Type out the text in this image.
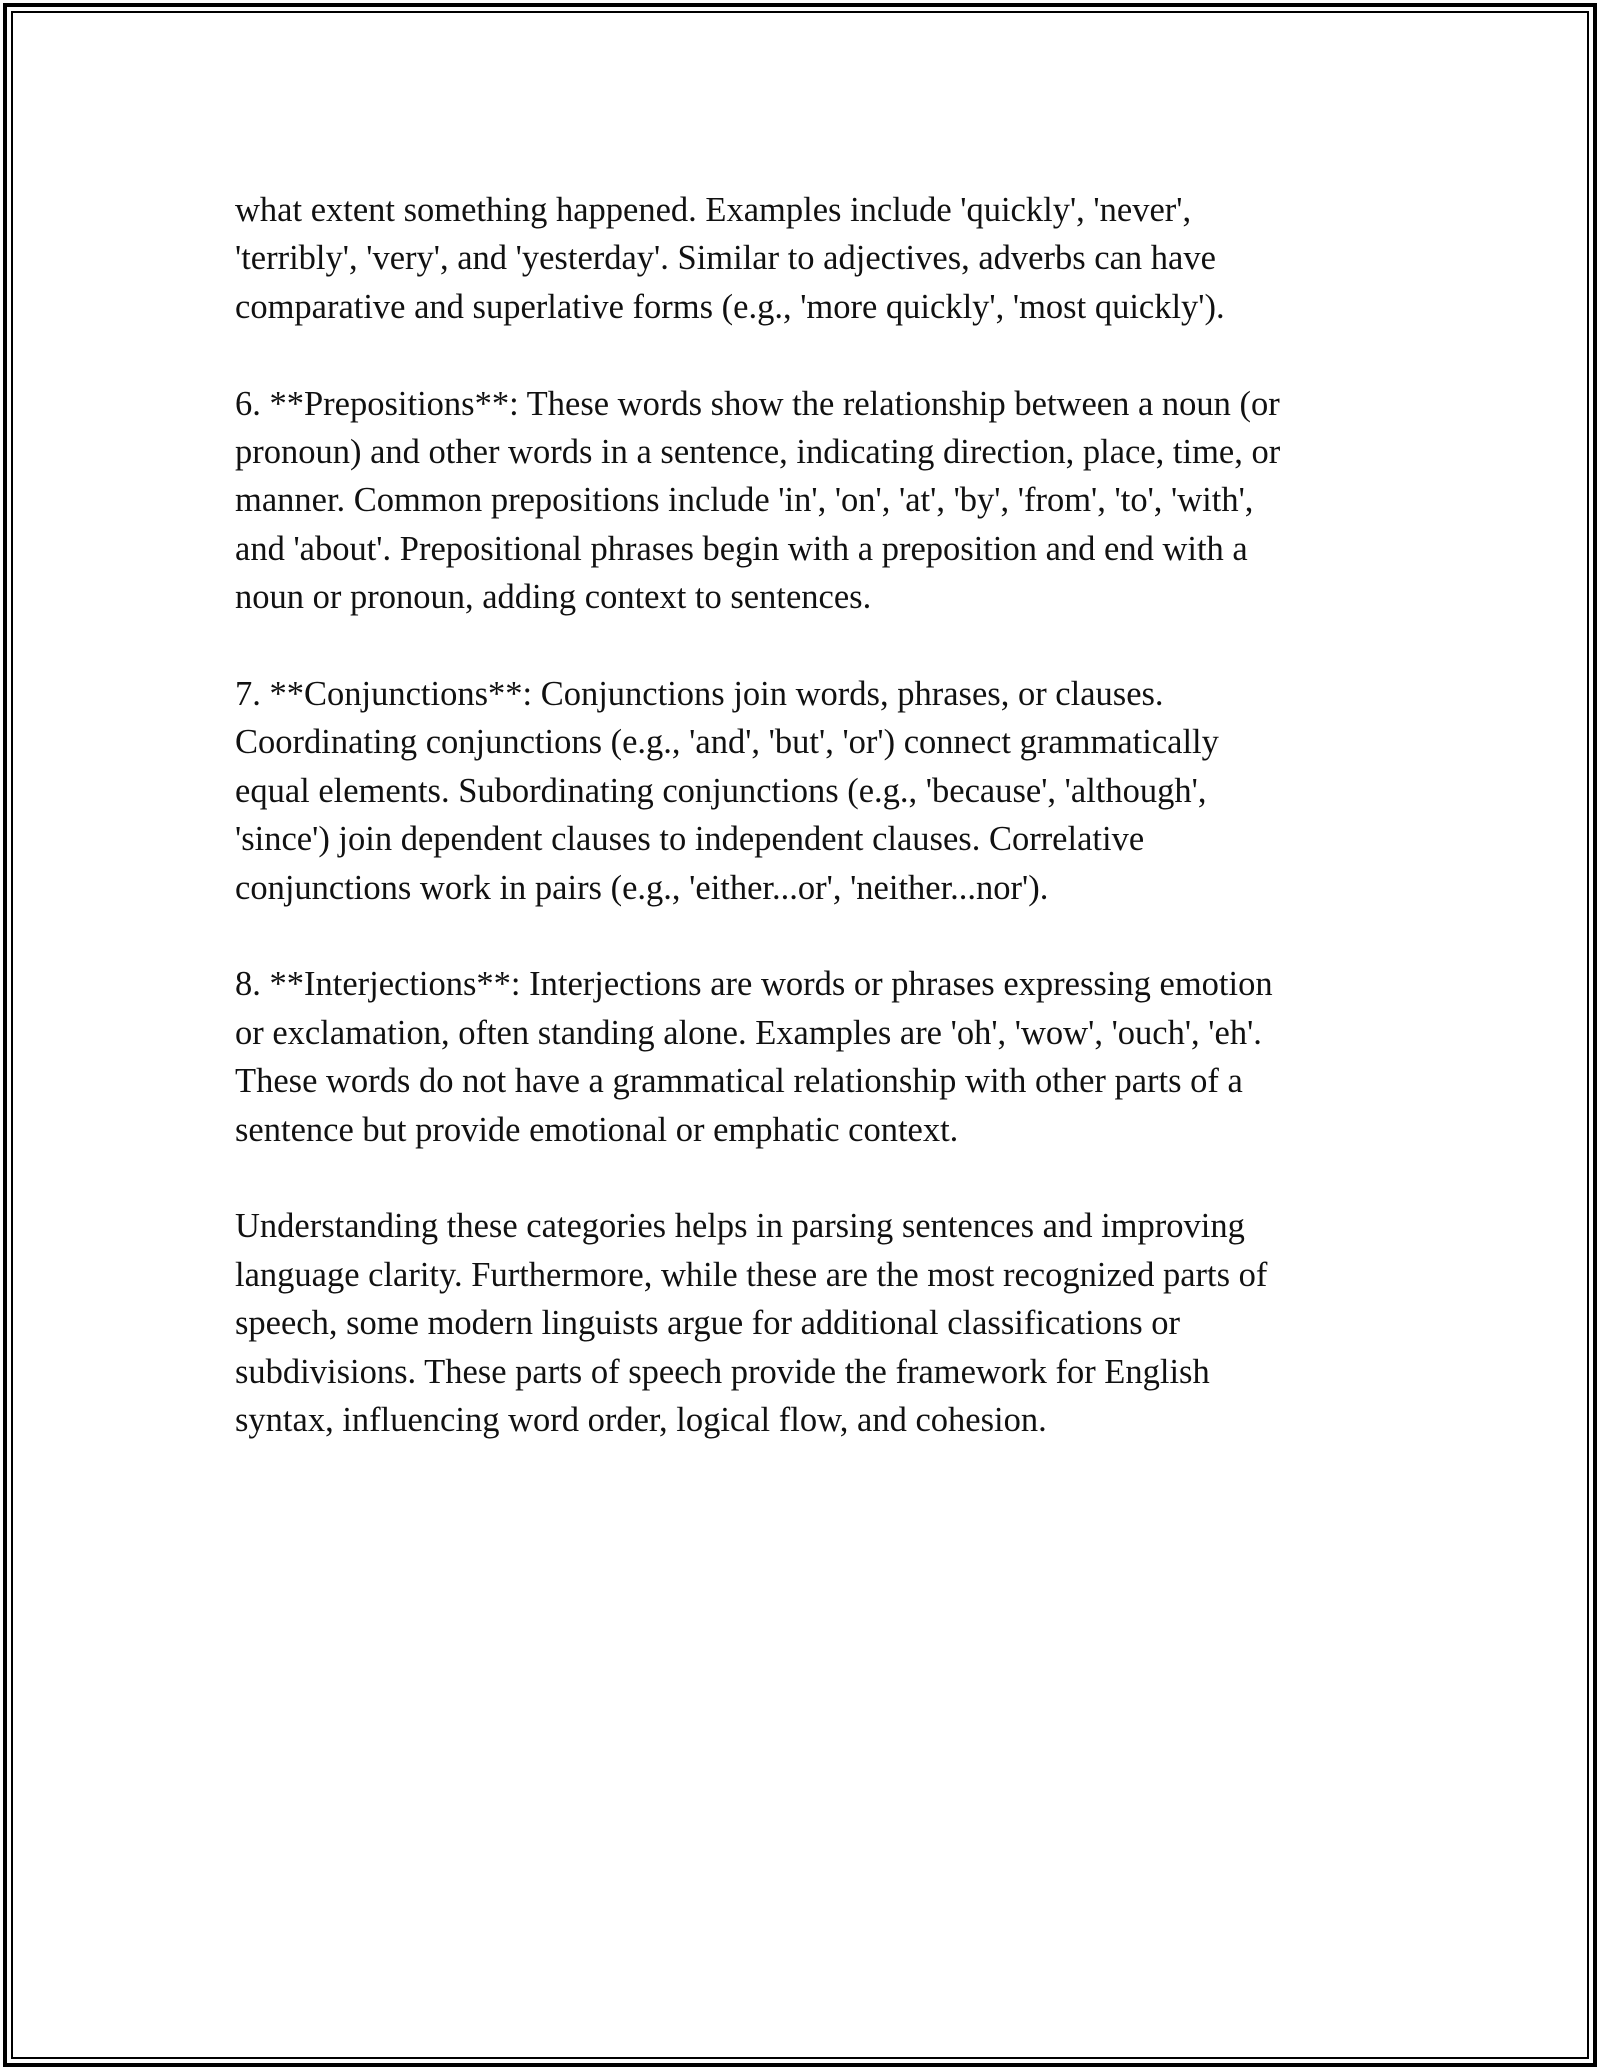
what extent something happened. Examples include 'quickly', 'never',
'terribly', 'very', and 'yesterday'. Similar to adjectives, adverbs can have
comparative and superlative forms (e.g., 'more quickly', 'most quickly').
6. **Prepositions**: These words show the relationship between a noun (or
pronoun) and other words in a sentence, indicating direction, place, time, or
manner. Common prepositions include 'in', 'on', 'at', 'by', 'from', 'to', 'with',
and 'about'. Prepositional phrases begin with a preposition and end with a
noun or pronoun, adding context to sentences.
7. **Conjunctions**: Conjunctions join words, phrases, or clauses.
Coordinating conjunctions (e.g., 'and', 'but', 'or') connect grammatically
equal elements. Subordinating conjunctions (e.g., 'because', 'although',
'since') join dependent clauses to independent clauses. Correlative
conjunctions work in pairs (e.g., 'either...or', 'neither...nor').
8. **Interjections**: Interjections are words or phrases expressing emotion
or exclamation, often standing alone. Examples are 'oh', 'wow', 'ouch', 'eh'.
These words do not have a grammatical relationship with other parts of a
sentence but provide emotional or emphatic context.
Understanding these categories helps in parsing sentences and improving
language clarity. Furthermore, while these are the most recognized parts of
speech, some modern linguists argue for additional classifications or
subdivisions. These parts of speech provide the framework for English
syntax, influencing word order, logical flow, and cohesion.
